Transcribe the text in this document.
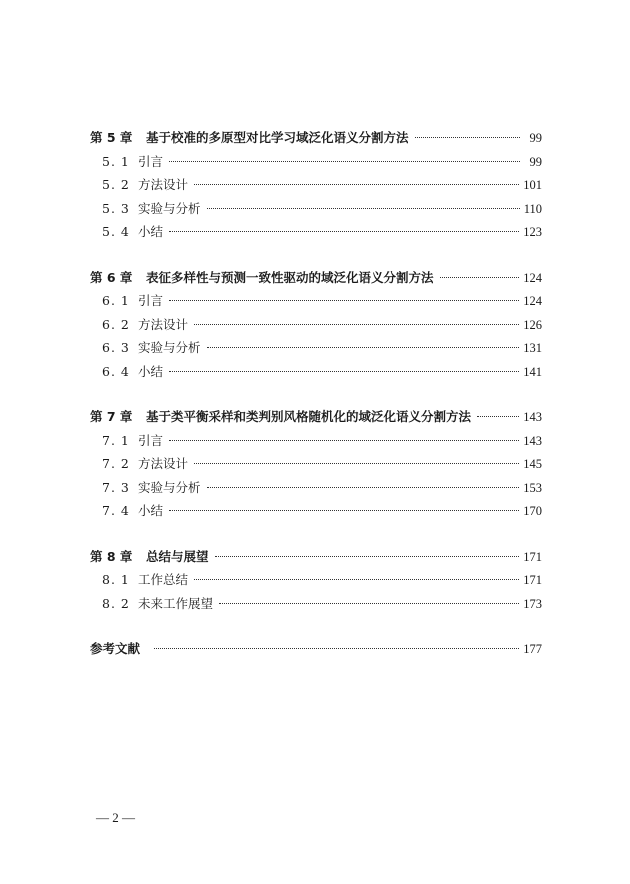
第 5 章	基于校准的多原型对比学习域泛化语义分割方法	99
5. 1 引言	99
5. 2 方法设计	101
5. 3 实验与分析	110
5. 4 小结	123
第 6 章	表征多样性与预测一致性驱动的域泛化语义分割方法	124
6. 1 引言	124
6. 2 方法设计	126
6. 3 实验与分析	131
6. 4 小结	141
第 7 章	基于类平衡采样和类判别风格随机化的域泛化语义分割方法	143
7. 1 引言	143
7. 2 方法设计	145
7. 3 实验与分析	153
7. 4 小结	170
第 8 章	总结与展望	171
8. 1 工作总结	171
8. 2 未来工作展望	173
参考文献	177
— 2 —
